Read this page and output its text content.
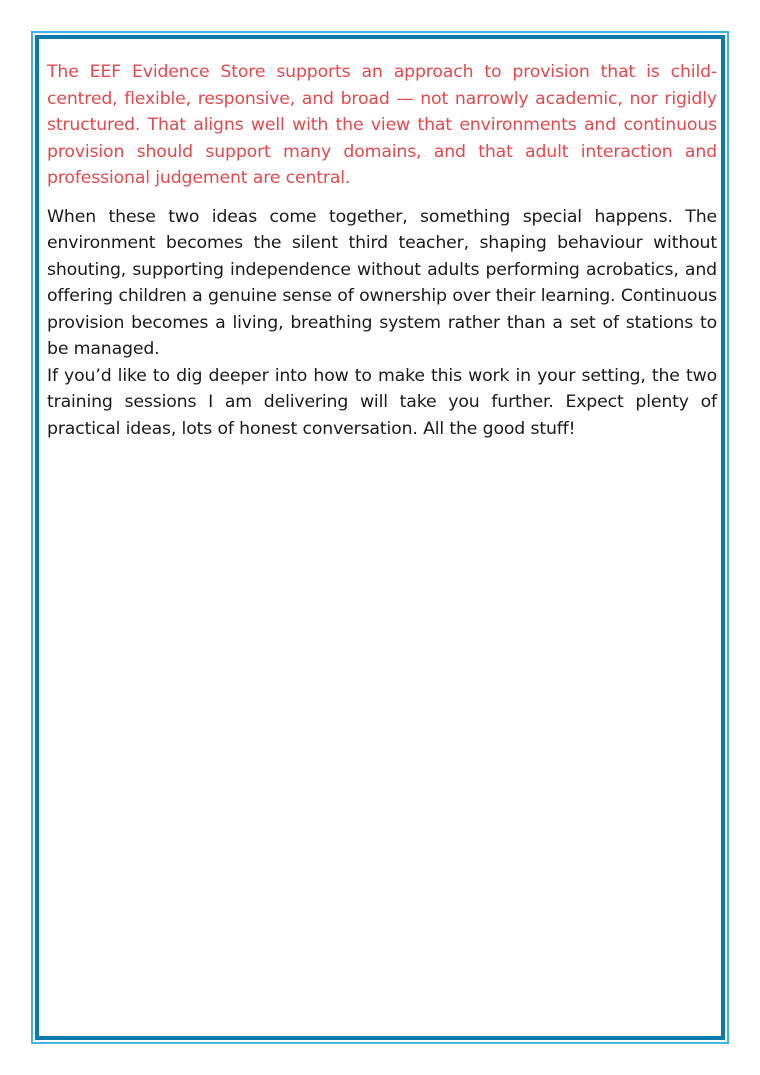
The EEF Evidence Store supports an approach to provision that is child-centred, flexible, responsive, and broad — not narrowly academic, nor rigidly structured. That aligns well with the view that environments and continuous provision should support many domains, and that adult interaction and professional judgement are central.

When these two ideas come together, something special happens. The environment becomes the silent third teacher, shaping behaviour without shouting, supporting independence without adults performing acrobatics, and offering children a genuine sense of ownership over their learning. Continuous provision becomes a living, breathing system rather than a set of stations to be managed.

If you’d like to dig deeper into how to make this work in your setting, the two training sessions I am delivering will take you further. Expect plenty of practical ideas, lots of honest conversation. All the good stuff!
